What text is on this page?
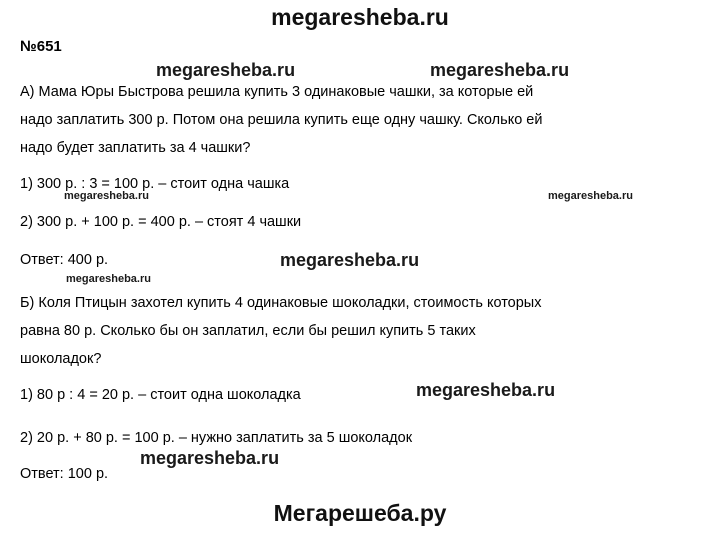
megaresheba.ru
№651
А) Мама Юры Быстрова решила купить 3 одинаковые чашки, за которые ей
надо заплатить 300 р. Потом она решила купить еще одну чашку. Сколько ей
надо будет заплатить за 4 чашки?
1) 300 р. : 3 = 100 р. – стоит одна чашка
2) 300 р. + 100 р. = 400 р. – стоят 4 чашки
Ответ: 400 р.
Б) Коля Птицын захотел купить 4 одинаковые шоколадки, стоимость которых
равна 80 р. Сколько бы он заплатил, если бы решил купить 5 таких
шоколадок?
1) 80 р : 4 = 20 р. – стоит одна шоколадка
2) 20 р. + 80 р. = 100 р. – нужно заплатить за 5 шоколадок
Ответ: 100 р.
megaresheba.ru	megaresheba.ru
megaresheba.ru	megaresheba.ru
megaresheba.ru
megaresheba.ru
megaresheba.ru
megaresheba.ru
Мегарешеба.ру
